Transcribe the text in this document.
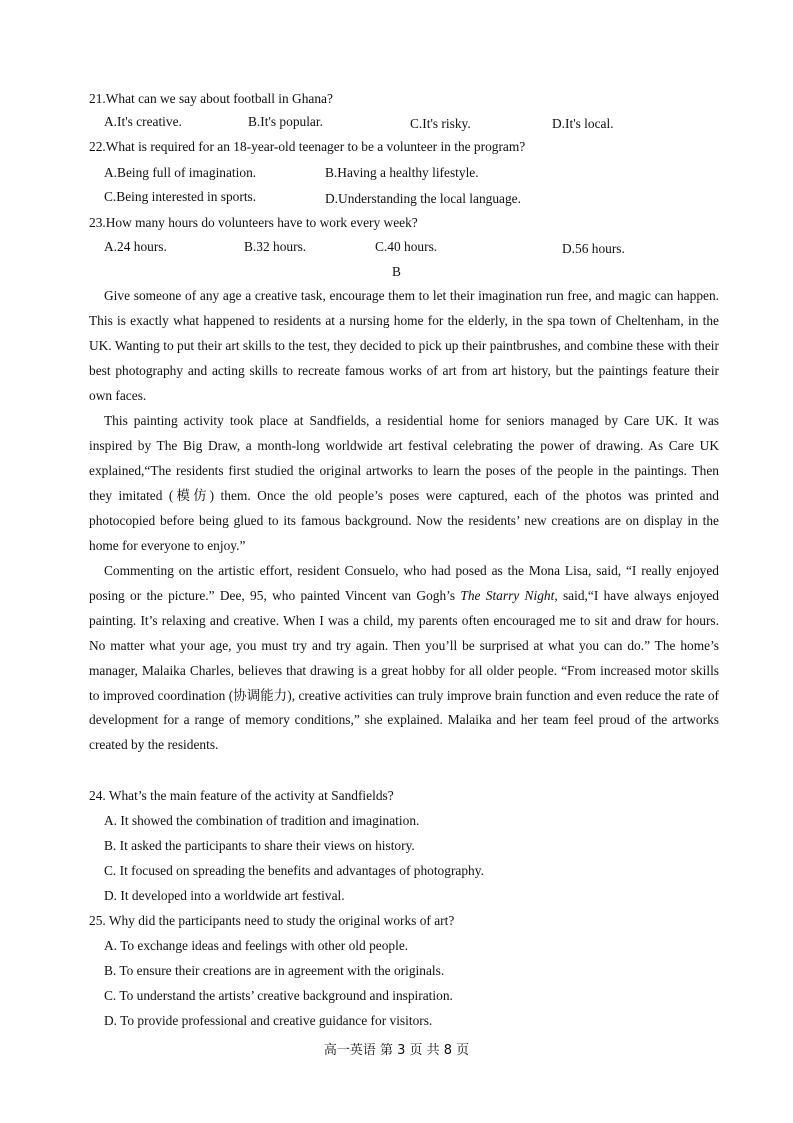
21.What can we say about football in Ghana?
A.It's creative.	B.It's popular.	C.It's risky.	D.It's local.
22.What is required for an 18-year-old teenager to be a volunteer in the program?
A.Being full of imagination.	B.Having a healthy lifestyle.
C.Being interested in sports.	D.Understanding the local language.
23.How many hours do volunteers have to work every week?
A.24 hours.	B.32 hours.	C.40 hours.	D.56 hours.
B

Give someone of any age a creative task, encourage them to let their imagination run free, and magic can happen. This is exactly what happened to residents at a nursing home for the elderly, in the spa town of Cheltenham, in the UK. Wanting to put their art skills to the test, they decided to pick up their paintbrushes, and combine these with their best photography and acting skills to recreate famous works of art from art history, but the paintings feature their own faces.

This painting activity took place at Sandfields, a residential home for seniors managed by Care UK. It was inspired by The Big Draw, a month-long worldwide art festival celebrating the power of drawing. As Care UK explained,“The residents first studied the original artworks to learn the poses of the people in the paintings. Then they imitated (模仿) them. Once the old people’s poses were captured, each of the photos was printed and photocopied before being glued to its famous background. Now the residents’ new creations are on display in the home for everyone to enjoy.”

Commenting on the artistic effort, resident Consuelo, who had posed as the Mona Lisa, said, “I really enjoyed posing or the picture.” Dee, 95, who painted Vincent van Gogh’s The Starry Night, said,“I have always enjoyed painting. It’s relaxing and creative. When I was a child, my parents often encouraged me to sit and draw for hours. No matter what your age, you must try and try again. Then you’ll be surprised at what you can do.” The home’s manager, Malaika Charles, believes that drawing is a great hobby for all older people. “From increased motor skills to improved coordination (协调能力), creative activities can truly improve brain function and even reduce the rate of development for a range of memory conditions,” she explained. Malaika and her team feel proud of the artworks created by the residents.

24. What’s the main feature of the activity at Sandfields?
A. It showed the combination of tradition and imagination.
B. It asked the participants to share their views on history.
C. It focused on spreading the benefits and advantages of photography.
D. It developed into a worldwide art festival.
25. Why did the participants need to study the original works of art?
A. To exchange ideas and feelings with other old people.
B. To ensure their creations are in agreement with the originals.
C. To understand the artists’ creative background and inspiration.
D. To provide professional and creative guidance for visitors.
高一英语 第 3 页 共 8 页
